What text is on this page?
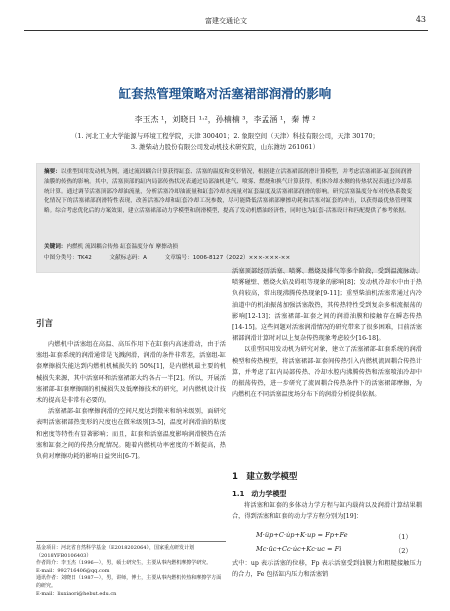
富建交通论文	43
缸套热管理策略对活塞裙部润滑的影响
李玉杰 ¹，刘晓日 ¹·²，孙楠楠 ³，李孟涵 ¹，秦 博 ²
（1. 河北工业大学能源与环境工程学院，天津 300401；2. 象限空间（天津）科技有限公司，天津 30170；
3. 潍柴动力股份有限公司发动机技术研究院，山东潍坊 261061）
摘要：以重型国用发动机为例，通过流固耦合计算获得缸套、活塞的温度和变形情况，根据建立活塞裙部润滑计算模型，并考虑活塞裙部-缸套间润滑油膜的传热的影响。其中，活塞顶部的缸内局部传热状况表通过局部油机建气、喷雾、燃烧和换气计算获得，机体冷却水侧的传热状况表通过冷却系统计算。通过调节活塞顶部冷却油流量，分析活塞冷却油流量和缸套冷却水流量对缸套温度及活塞裙部润滑的影响。研究活塞温度分布对传热系数变化情况下的活塞裙部润滑特性表现，改善活塞冷却和缸套冷却工况参数，尽可能降低活塞裙部摩擦功耗和活塞对缸套的冲击，以获得最优热管理策略。综合考虑优化后的方案效果，建立活塞裙部动力学模型和润滑模型，提高了发动机燃油经济性，同时也为缸套-活塞设计和匹配提供了参考依据。
关键词：内燃机 流固耦合传热 缸套温度分布 摩擦动损
中图分类号：TK42	文献标志码：A	文章编号：1006-8127（2022）×××-×××-××
引言

内燃机中活塞组在高温、高压作用下在缸套内高速滑动，由于活塞组-缸套系统的润滑通常是飞溅润滑，润滑的条件非常差，活塞组-缸套摩擦损失能达到内燃机机械损失的 50%[1]，是内燃机最主要的机械损失来源，其中活塞环和活塞裙部大约各占一半[2]。所以，开展活塞裙部-缸套摩擦副的机械损失及低摩擦技术的研究，对内燃机设计技术的提高是非常有必要的。

活塞裙部-缸套摩擦润滑的空间尺度达到微米和纳米级别，面研究表明活塞裙部热变形的尺度也在微米级别[3-5]，温度对润滑油的粘度和密度等特性有显著影响；而且，缸套和活塞温度影响润滑膜热在活塞和缸套之间的传热分配情况。随着内燃机功率密度的不断提高，热负荷对摩擦功耗的影响日益突出[6-7]。

活塞顶部经历活塞、喷雾、燃烧及排气等多个阶段，受到温流脉动、喷雾碰壁、燃烧火焰及碍咀等现象的影响[8]；发动机冷却水中由于热负荷较高，常出现沸腾传热现象[9-11]；重型柴油机活塞常通过内冷油道中的机油振荡加强活塞散热，其传热特性受到复杂多相流振荡的影响[12-13]；活塞裙部-缸套之间的润滑油膜和接触存在瞬态传热[14-15]。这些问题对活塞润滑情况的研究带来了很多困难，目前活塞裙部润滑计算时对以上复杂传热现象考虑较少[16-18]。

以重型国用发动机为研究对象，建立了活塞裙部-缸套系统的润滑模型和传热模型，将活塞裙部-缸套间传热引入内燃机流固耦合传热计算，并考虑了缸内局部传热、冷却水腔内沸腾传热和活塞喷油冷却中的振荡传热，进一步研究了流固耦合传热条件下的活塞裙部摩擦，为内燃机在不同活塞温度场分布下的润滑分析提供依据。

1　建立数学模型
1.1　动力学模型

将活塞和缸套的多体动力学方程与缸内载荷以及润滑计算结果耦合，得到活塞和缸套的动力学方程分别为[19]：

M·üp+C·u̇p+K·up = Fp+Fe	（1）
Mc·üc+Cc·u̇c+Kc·uc = Fi	（2）

式中：up 表示活塞的位移，Fp 表示活塞受到油膜力和粗糙接触压力的合力，Fe 包括缸内压力和活塞销

基金项目：河北省自然科学基金（E2018202064），国家重点研发计划（2018YFB0106403）
作者简介：李玉杰（1996—），男，硕士研究生，主要从事内燃机摩擦学研究。
E-mail：992716406@qq.com
通讯作者：刘晓日（1987—），男，讲师，博士，主要从事内燃机传热和摩擦学方面的研究。
E-mail：liuxiaori@hebut.edu.cn
